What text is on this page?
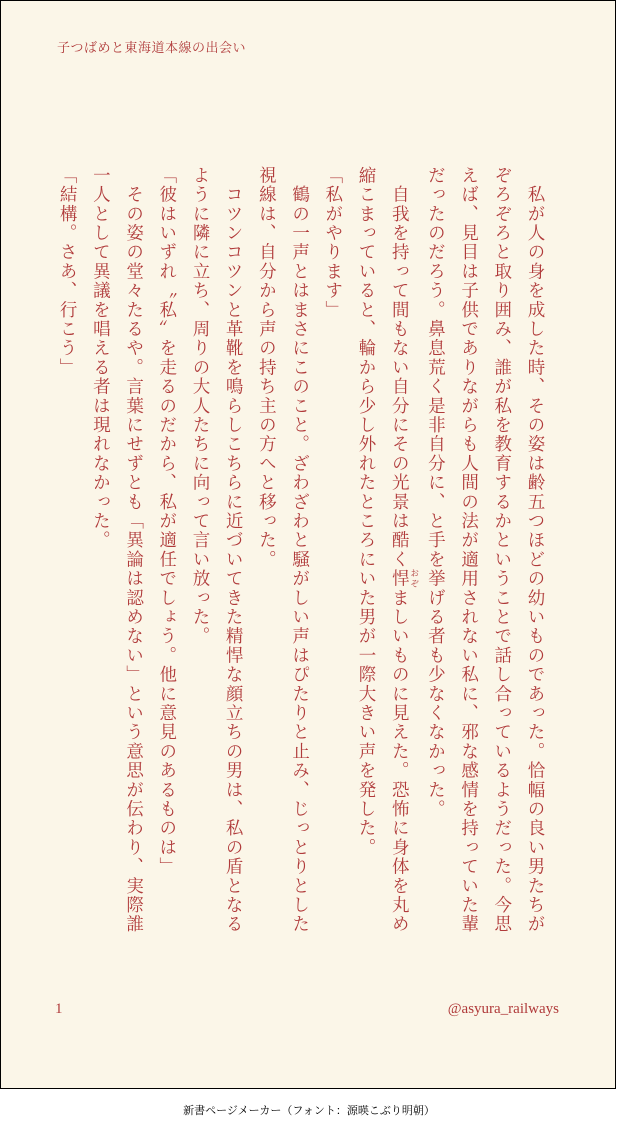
子つばめと東海道本線の出会い

　私が人の身を成した時、その姿は齢五つほどの幼いものであった。恰幅の良い男たちがぞろぞろと取り囲み、誰が私を教育するかということで話し合っているようだった。今思えば、見目は子供でありながらも人間の法が適用されない私に、邪な感情を持っていた輩だったのだろう。鼻息荒く是非自分に、と手を挙げる者も少なくなかった。

　自我を持って間もない自分にその光景は酷く悍 おぞましいものに見えた。恐怖に身体を丸め縮こまっていると、輪から少し外れたところにいた男が一際大きい声を発した。

「私がやります」

　鶴の一声とはまさにこのこと。ざわざわと騒がしい声はぴたりと止み、じっとりとした視線は、自分から声の持ち主の方へと移った。

　コツンコツンと革靴を鳴らしこちらに近づいてきた精悍な顔立ちの男は、私の盾となるように隣に立ち、周りの大人たちに向って言い放った。

「彼はいずれ〝私〟を走るのだから、私が適任でしょう。他に意見のあるものは」

　その姿の堂々たるや。言葉にせずとも「異論は認めない」という意思が伝わり、実際誰一人として異議を唱える者は現れなかった。

「結構。さあ、行こう」

1	@asyura_railways
新書ページメーカー（フォント：源暎こぶり明朝）
